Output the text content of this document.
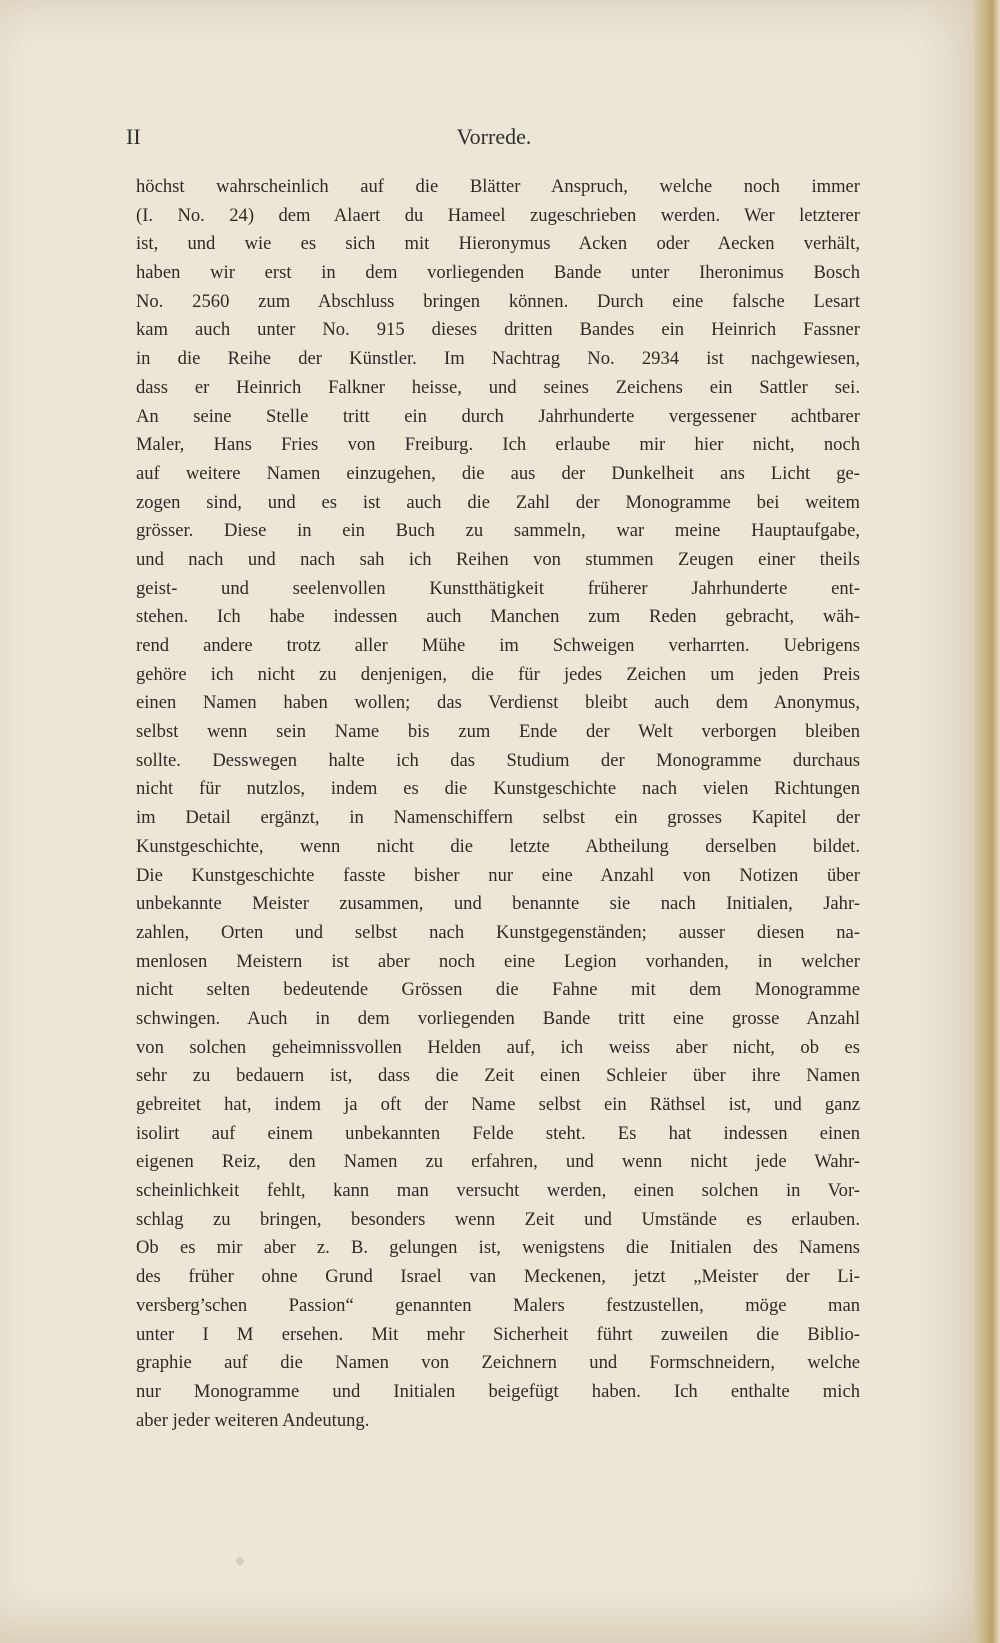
II	Vorrede.
höchst wahrscheinlich auf die Blätter Anspruch, welche noch immer
(I. No. 24) dem Alaert du Hameel zugeschrieben werden. Wer letzterer
ist, und wie es sich mit Hieronymus Acken oder Aecken verhält,
haben wir erst in dem vorliegenden Bande unter Iheronimus Bosch
No. 2560 zum Abschluss bringen können. Durch eine falsche Lesart
kam auch unter No. 915 dieses dritten Bandes ein Heinrich Fassner
in die Reihe der Künstler. Im Nachtrag No. 2934 ist nachgewiesen,
dass er Heinrich Falkner heisse, und seines Zeichens ein Sattler sei.
An seine Stelle tritt ein durch Jahrhunderte vergessener achtbarer
Maler, Hans Fries von Freiburg. Ich erlaube mir hier nicht, noch
auf weitere Namen einzugehen, die aus der Dunkelheit ans Licht ge-
zogen sind, und es ist auch die Zahl der Monogramme bei weitem
grösser. Diese in ein Buch zu sammeln, war meine Hauptaufgabe,
und nach und nach sah ich Reihen von stummen Zeugen einer theils
geist- und seelenvollen Kunstthätigkeit früherer Jahrhunderte ent-
stehen. Ich habe indessen auch Manchen zum Reden gebracht, wäh-
rend andere trotz aller Mühe im Schweigen verharrten. Uebrigens
gehöre ich nicht zu denjenigen, die für jedes Zeichen um jeden Preis
einen Namen haben wollen; das Verdienst bleibt auch dem Anonymus,
selbst wenn sein Name bis zum Ende der Welt verborgen bleiben
sollte. Desswegen halte ich das Studium der Monogramme durchaus
nicht für nutzlos, indem es die Kunstgeschichte nach vielen Richtungen
im Detail ergänzt, in Namenschiffern selbst ein grosses Kapitel der
Kunstgeschichte, wenn nicht die letzte Abtheilung derselben bildet.
Die Kunstgeschichte fasste bisher nur eine Anzahl von Notizen über
unbekannte Meister zusammen, und benannte sie nach Initialen, Jahr-
zahlen, Orten und selbst nach Kunstgegenständen; ausser diesen na-
menlosen Meistern ist aber noch eine Legion vorhanden, in welcher
nicht selten bedeutende Grössen die Fahne mit dem Monogramme
schwingen. Auch in dem vorliegenden Bande tritt eine grosse Anzahl
von solchen geheimnissvollen Helden auf, ich weiss aber nicht, ob es
sehr zu bedauern ist, dass die Zeit einen Schleier über ihre Namen
gebreitet hat, indem ja oft der Name selbst ein Räthsel ist, und ganz
isolirt auf einem unbekannten Felde steht. Es hat indessen einen
eigenen Reiz, den Namen zu erfahren, und wenn nicht jede Wahr-
scheinlichkeit fehlt, kann man versucht werden, einen solchen in Vor-
schlag zu bringen, besonders wenn Zeit und Umstände es erlauben.
Ob es mir aber z. B. gelungen ist, wenigstens die Initialen des Namens
des früher ohne Grund Israel van Meckenen, jetzt „Meister der Li-
versberg’schen Passion“ genannten Malers festzustellen, möge man
unter I M ersehen. Mit mehr Sicherheit führt zuweilen die Biblio-
graphie auf die Namen von Zeichnern und Formschneidern, welche
nur Monogramme und Initialen beigefügt haben. Ich enthalte mich
aber jeder weiteren Andeutung.
